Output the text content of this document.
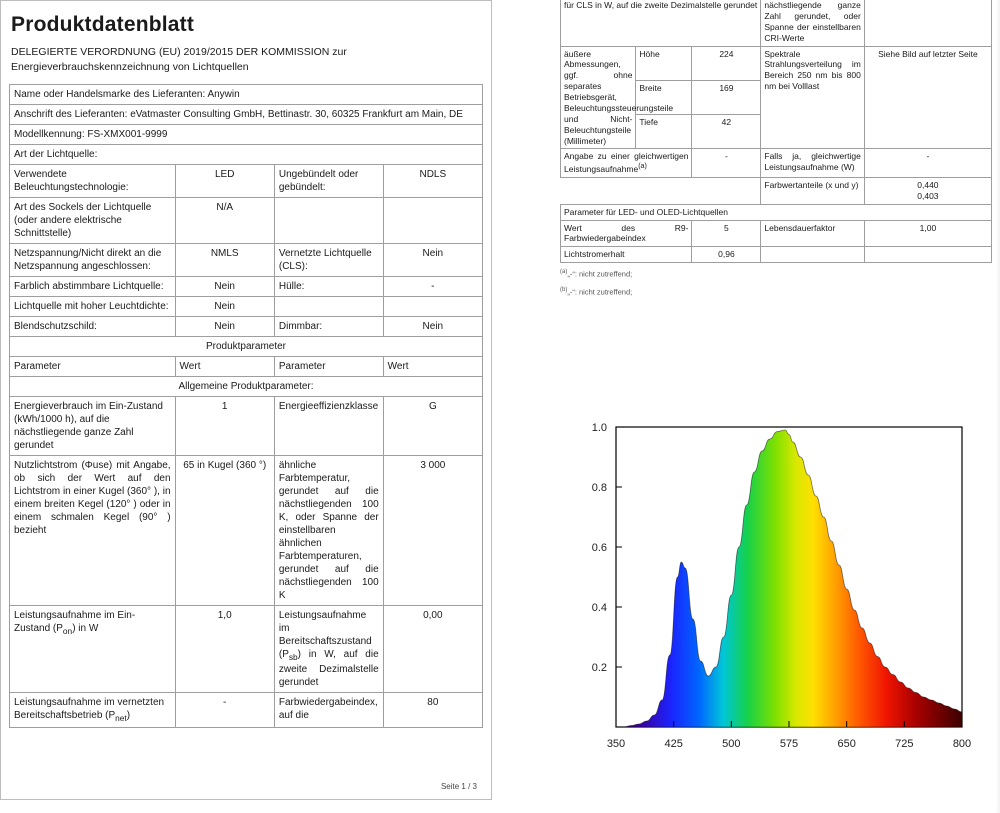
Produktdatenblatt
DELEGIERTE VERORDNUNG (EU) 2019/2015 DER KOMMISSION zur Energieverbrauchskennzeichnung von Lichtquellen
Name oder Handelsmarke des Lieferanten: Anywin
Anschrift des Lieferanten: eVatmaster Consulting GmbH, Bettinastr. 30, 60325 Frankfurt am Main, DE
Modellkennung: FS-XMX001-9999
Art der Lichtquelle:
Verwendete Beleuchtungstechnologie:	LED	Ungebündelt oder gebündelt:	NDLS
Art des Sockels der Lichtquelle (oder andere elektrische Schnittstelle)	N/A		
Netzspannung/Nicht direkt an die Netzspannung angeschlossen:	NMLS	Vernetzte Lichtquelle (CLS):	Nein
Farblich abstimmbare Lichtquelle:	Nein	Hülle:	-
Lichtquelle mit hoher Leuchtdichte:	Nein		
Blendschutzschild:	Nein	Dimmbar:	Nein
Produktparameter			
Parameter	Wert	Parameter	Wert
Allgemeine Produktparameter:			
Energieverbrauch im Ein-Zustand (kWh/1000 h), auf die nächstliegende ganze Zahl gerundet	1	Energieeffizienzklasse	G
Nutzlichtstrom (Φuse) mit Angabe, ob sich der Wert auf den Lichtstrom in einer Kugel (360° ), in einem breiten Kegel (120° ) oder in einem schmalen Kegel (90° ) bezieht	65 in Kugel (360 °)	ähnliche Farbtemperatur, gerundet auf die nächstliegenden 100 K, oder Spanne der einstellbaren ähnlichen Farbtemperaturen, gerundet auf die nächstliegenden 100 K	3 000
Leistungsaufnahme im Ein-Zustand $(P_{on})$ in W	1,0	Leistungsaufnahme im Bereitschaftszustand $(P_{sb})$ in W, auf die zweite Dezimalstelle gerundet	0,00
Leistungsaufnahme im vernetzten Bereitschaftsbetrieb $(P_{net})$	-	Farbwiedergabeindex, auf die	80
Seite 1 / 3
für CLS in W, auf die zweite Dezimalstelle gerundet			nächstliegende ganze Zahl gerundet, oder Spanne der einstellbaren CRI-Werte	
äußere Abmessungen, ggf. ohne separates Betriebsgerät, Beleuchtungssteuerungsteile und Nicht-Beleuchtungsteile (Millimeter)	Höhe	224	Spektrale Strahlungsverteilung im Bereich 250 nm bis 800 nm bei Volllast	Siehe Bild auf letzter Seite
	Breite	169		
	Tiefe	42		
Angabe zu einer gleichwertigen Leistungsaufnahme$^{(a)}$		-	Falls ja, gleichwertige Leistungsaufnahme (W)	-
			Farbwertanteile (x und y)	0,440
0,403
Parameter für LED- und OLED-Lichtquellen				
Wert des R9-Farbwiedergabeindex		5	Lebensdauerfaktor	1,00
Lichtstromerhalt		0,96		
$^{(a)}$„-“: nicht zutreffend;
$^{(b)}$„-“: nicht zutreffend;
0.2
0.4
0.6
0.8
1.0
350	425	500	575	650	725	800
